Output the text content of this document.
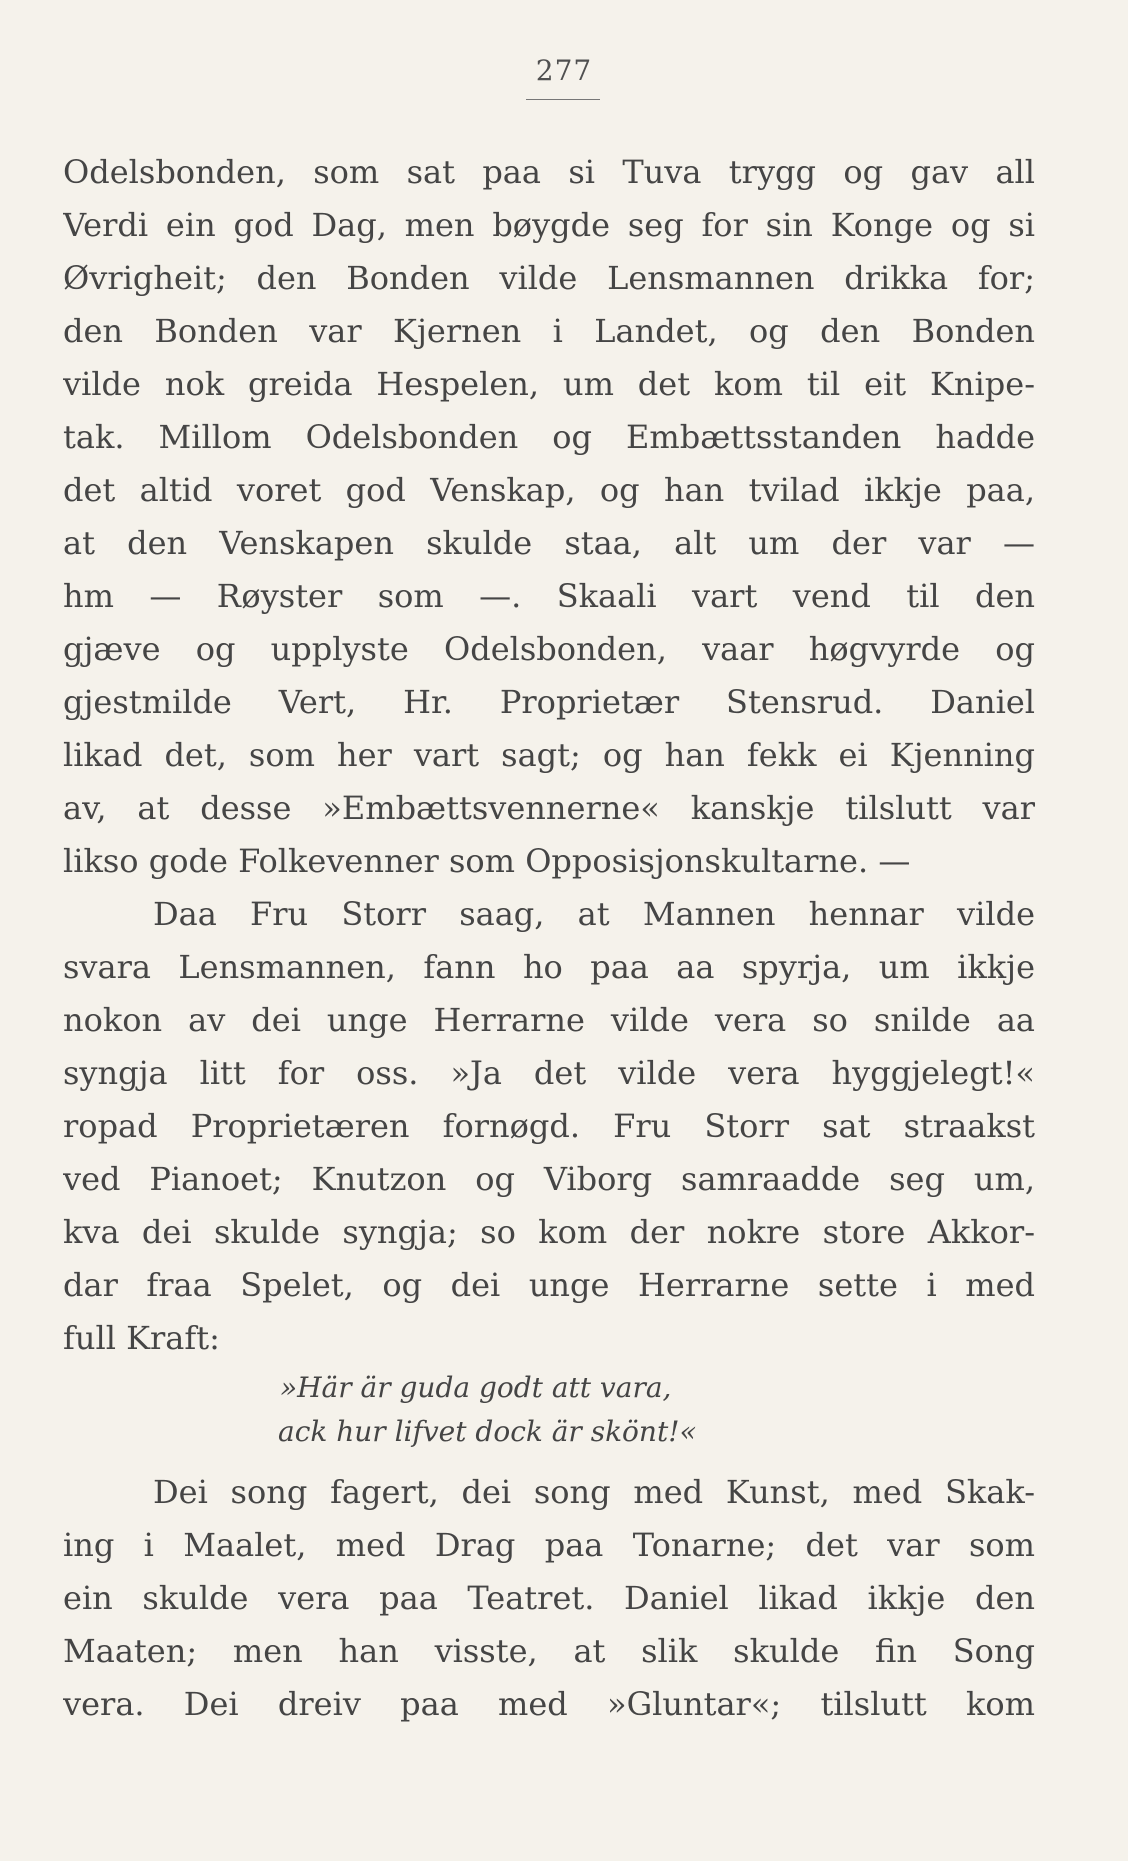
277
Odelsbonden, som sat paa si Tuva trygg og gav all
Verdi ein god Dag, men bøygde seg for sin Konge og si
Øvrigheit; den Bonden vilde Lensmannen drikka for;
den Bonden var Kjernen i Landet, og den Bonden
vilde nok greida Hespelen, um det kom til eit Knipe-
tak. Millom Odelsbonden og Embættsstanden hadde
det altid voret god Venskap, og han tvilad ikkje paa,
at den Venskapen skulde staa, alt um der var —
hm — Røyster som —. Skaali vart vend til den
gjæve og upplyste Odelsbonden, vaar høgvyrde og
gjestmilde Vert, Hr. Proprietær Stensrud. Daniel
likad det, som her vart sagt; og han fekk ei Kjenning
av, at desse »Embættsvennerne« kanskje tilslutt var
likso gode Folkevenner som Opposisjonskultarne. —
Daa Fru Storr saag, at Mannen hennar vilde
svara Lensmannen, fann ho paa aa spyrja, um ikkje
nokon av dei unge Herrarne vilde vera so snilde aa
syngja litt for oss. »Ja det vilde vera hyggjelegt!«
ropad Proprietæren fornøgd. Fru Storr sat straakst
ved Pianoet; Knutzon og Viborg samraadde seg um,
kva dei skulde syngja; so kom der nokre store Akkor-
dar fraa Spelet, og dei unge Herrarne sette i med
full Kraft:
»Här är guda godt att vara,
ack hur lifvet dock är skönt!«
Dei song fagert, dei song med Kunst, med Skak-
ing i Maalet, med Drag paa Tonarne; det var som
ein skulde vera paa Teatret. Daniel likad ikkje den
Maaten; men han visste, at slik skulde fin Song
vera. Dei dreiv paa med »Gluntar«; tilslutt kom
